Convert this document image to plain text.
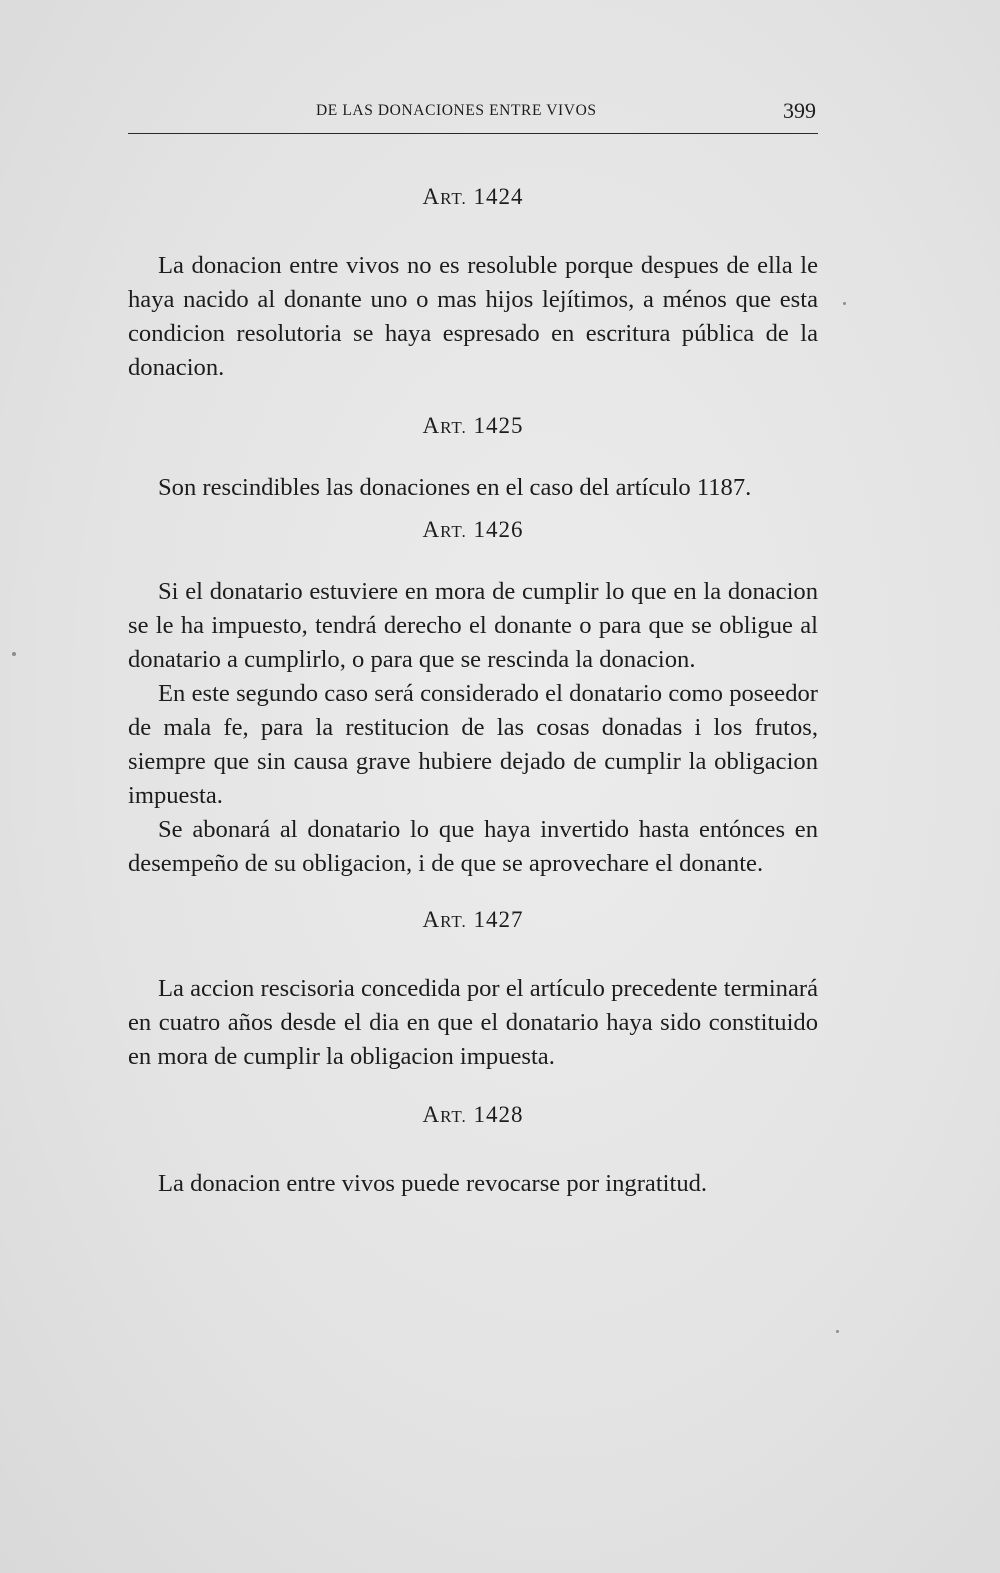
DE LAS DONACIONES ENTRE VIVOS	399
ART. 1424

La donacion entre vivos no es resoluble porque despues de ella le haya nacido al donante uno o mas hijos lejítimos, a ménos que esta condicion resolutoria se haya espresado en escritura pública de la donacion.

ART. 1425

Son rescindibles las donaciones en el caso del artículo 1187.

ART. 1426

Si el donatario estuviere en mora de cumplir lo que en la donacion se le ha impuesto, tendrá derecho el donante o para que se obligue al donatario a cumplirlo, o para que se rescinda la donacion.

En este segundo caso será considerado el donatario como poseedor de mala fe, para la restitucion de las cosas donadas i los frutos, siempre que sin causa grave hubiere dejado de cumplir la obligacion impuesta.

Se abonará al donatario lo que haya invertido hasta entónces en desempeño de su obligacion, i de que se aprovechare el donante.

ART. 1427

La accion rescisoria concedida por el artículo precedente terminará en cuatro años desde el dia en que el donatario haya sido constituido en mora de cumplir la obligacion impuesta.

ART. 1428

La donacion entre vivos puede revocarse por ingratitud.
